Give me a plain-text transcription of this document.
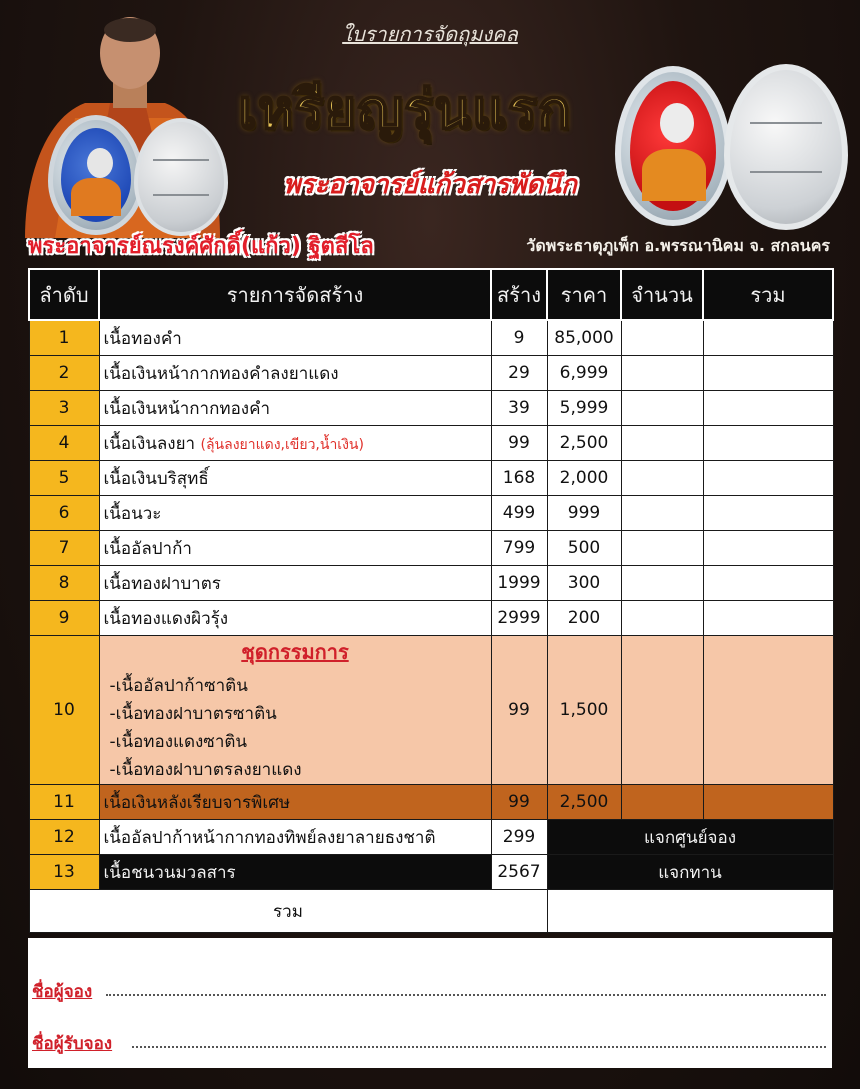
ใบรายการจัดถุมงคล
เหรียญรุ่นแรก
พระอาจารย์แก้วสารพัดนึก
พระอาจารย์ณรงค์ศักดิ์(แก้ว) ฐิตสีโล	วัดพระธาตุภูเพ็ก อ.พรรณานิคม จ. สกลนคร
ลำดับ	รายการจัดสร้าง	สร้าง	ราคา	จำนวน	รวม
1	เนื้อทองคำ	9	85,000		
2	เนื้อเงินหน้ากากทองคำลงยาแดง	29	6,999		
3	เนื้อเงินหน้ากากทองคำ	39	5,999		
4	เนื้อเงินลงยา (ลุ้นลงยาแดง,เขียว,น้ำเงิน)	99	2,500		
5	เนื้อเงินบริสุทธิ์	168	2,000		
6	เนื้อนวะ	499	999		
7	เนื้ออัลปาก้า	799	500		
8	เนื้อทองฝาบาตร	1999	300		
9	เนื้อทองแดงผิวรุ้ง	2999	200		
10	ชุดกรรมการ
-เนื้ออัลปาก้าซาติน
-เนื้อทองฝาบาตรซาติน
-เนื้อทองแดงซาติน
-เนื้อทองฝาบาตรลงยาแดง	99	1,500		
11	เนื้อเงินหลังเรียบจารพิเศษ	99	2,500		
12	เนื้ออัลปาก้าหน้ากากทองทิพย์ลงยาลายธงชาติ	299	แจกศูนย์จอง		
13	เนื้อชนวนมวลสาร	2567	แจกทาน		
รวม					
ชื่อผู้จอง
ชื่อผู้รับจอง
